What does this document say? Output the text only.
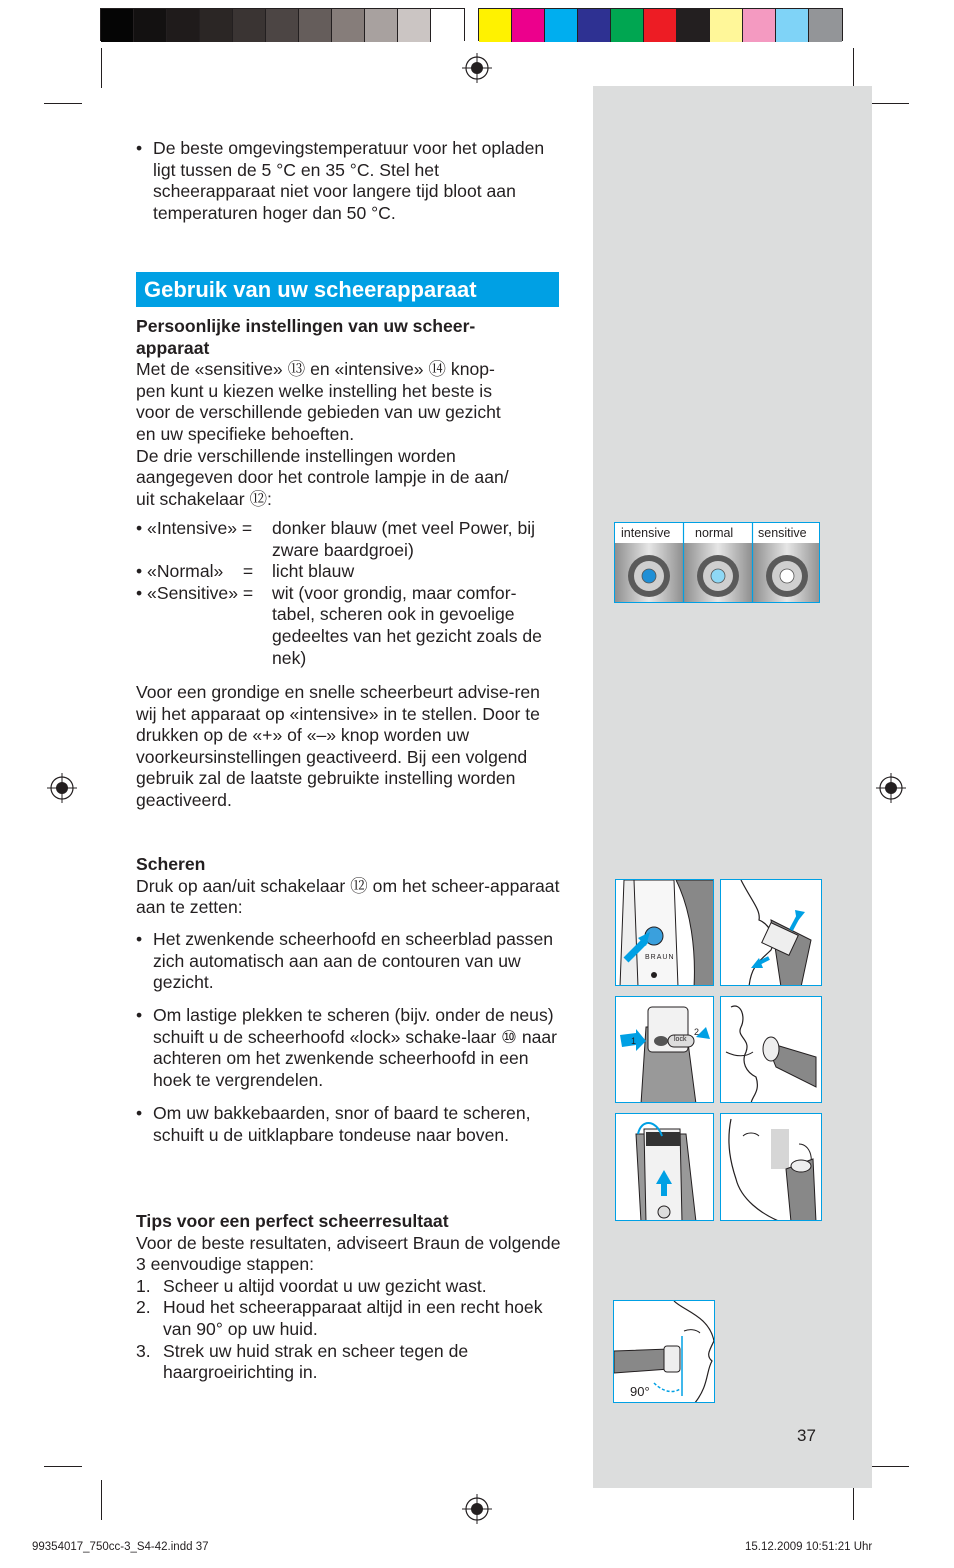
• De beste omgevingstemperatuur voor het opladen ligt tussen de 5 °C en 35 °C. Stel het scheerapparaat niet voor langere tijd bloot aan temperaturen hoger dan 50 °C.
Gebruik van uw scheerapparaat
Persoonlijke instellingen van uw scheer-
apparaat
Met de «sensitive» ⑬ en «intensive» ⑭ knop-
pen kunt u kiezen welke instelling het beste is
voor de verschillende gebieden van uw gezicht
en uw specifieke behoeften.
De drie verschillende instellingen worden
aangegeven door het controle lampje in de aan/
uit schakelaar ⑫:
• «Intensive» =	donker blauw (met veel Power, bij zware baardgroei)
• «Normal»    =	licht blauw
• «Sensitive» =	wit (voor grondig, maar comfor-tabel, scheren ook in gevoelige gedeeltes van het gezicht zoals de nek)
Voor een grondige en snelle scheerbeurt advise-ren wij het apparaat op «intensive» in te stellen. Door te drukken op de «+» of «–» knop worden uw voorkeursinstellingen geactiveerd. Bij een volgend gebruik zal de laatste gebruikte instelling worden geactiveerd.
Scheren
Druk op aan/uit schakelaar ⑫ om het scheer-apparaat aan te zetten:
• Het zwenkende scheerhoofd en scheerblad passen zich automatisch aan aan de contouren van uw gezicht.
• Om lastige plekken te scheren (bijv. onder de neus) schuift u de scheerhoofd «lock» schake-laar ⑩ naar achteren om het zwenkende scheerhoofd in een hoek te vergrendelen.
• Om uw bakkebaarden, snor of baard te scheren, schuift u de uitklapbare tondeuse naar boven.
Tips voor een perfect scheerresultaat
Voor de beste resultaten, adviseert Braun de volgende 3 eenvoudige stappen:
1. Scheer u altijd voordat u uw gezicht wast.
2. Houd het scheerapparaat altijd in een recht hoek van 90° op uw huid.
3. Strek uw huid strak en scheer tegen de haargroeirichting in.
intensive normal sensitive
BRAUN
1
2
lock
90°
37
99354017_750cc-3_S4-42.indd 37	15.12.2009 10:51:21 Uhr
